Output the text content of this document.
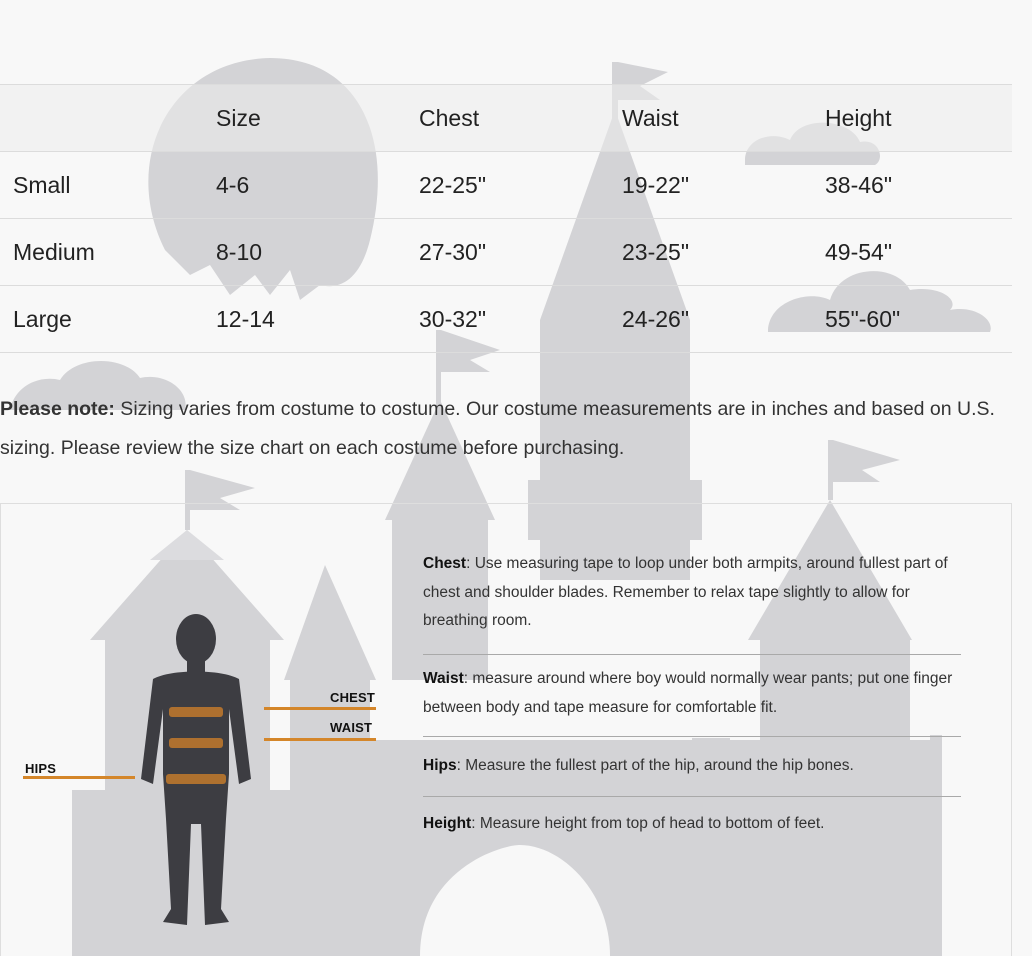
	Size	Chest	Waist	Height
Small	4-6	22-25"	19-22"	38-46"
Medium	8-10	27-30"	23-25"	49-54"
Large	12-14	30-32"	24-26"	55"-60"
Please note: Sizing varies from costume to costume. Our costume measurements are in inches and based on U.S. sizing. Please review the size chart on each costume before purchasing.
CHEST
WAIST
HIPS
Chest: Use measuring tape to loop under both armpits, around fullest part of chest and shoulder blades. Remember to relax tape slightly to allow for breathing room.
Waist: measure around where boy would normally wear pants; put one finger between body and tape measure for comfortable fit.
Hips: Measure the fullest part of the hip, around the hip bones.
Height: Measure height from top of head to bottom of feet.
